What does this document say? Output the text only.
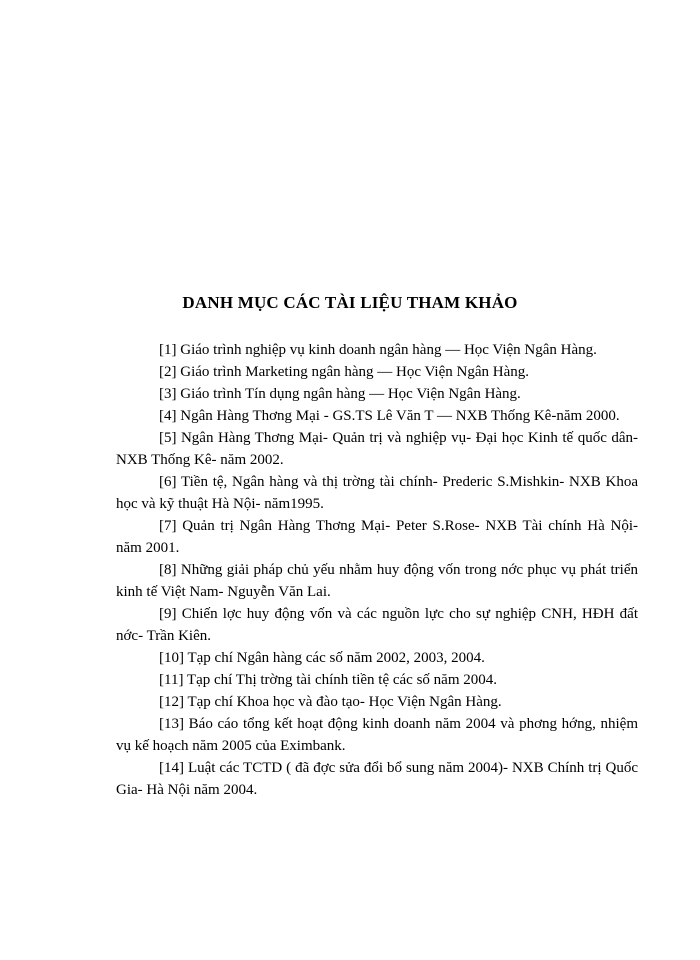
DANH MỤC CÁC TÀI LIỆU THAM KHẢO
[1] Giáo trình nghiệp vụ kinh doanh ngân hàng — Học Viện Ngân Hàng.
[2] Giáo trình Marketing ngân hàng — Học Viện Ngân Hàng.
[3] Giáo trình Tín dụng ngân hàng — Học Viện Ngân Hàng.
[4] Ngân Hàng Thơng Mại - GS.TS Lê Văn T — NXB Thống Kê-năm 2000.
[5] Ngân Hàng Thơng Mại- Quản trị và nghiệp vụ- Đại học Kinh tế quốc dân- NXB Thống Kê- năm 2002.
[6] Tiền tệ, Ngân hàng và thị trờng tài chính- Prederic S.Mishkin- NXB Khoa học và kỹ thuật Hà Nội- năm1995.
[7] Quản trị Ngân Hàng Thơng Mại- Peter S.Rose- NXB Tài chính Hà Nội- năm 2001.
[8] Những giải pháp chủ yếu nhằm huy động vốn trong nớc phục vụ phát triển kinh tế Việt Nam- Nguyễn Văn Lai.
[9] Chiến lợc huy động vốn và các nguồn lực cho sự nghiệp CNH, HĐH đất nớc- Trần Kiên.
[10] Tạp chí Ngân hàng các số năm 2002, 2003, 2004.
[11] Tạp chí Thị trờng tài chính tiền tệ các số năm 2004.
[12] Tạp chí Khoa học và đào tạo- Học Viện Ngân Hàng.
[13] Báo cáo tổng kết hoạt động kinh doanh năm 2004 và phơng hớng, nhiệm vụ kế hoạch năm 2005 của Eximbank.
[14] Luật các TCTD ( đã đợc sửa đổi bổ sung năm 2004)- NXB Chính trị Quốc Gia- Hà Nội năm 2004.
